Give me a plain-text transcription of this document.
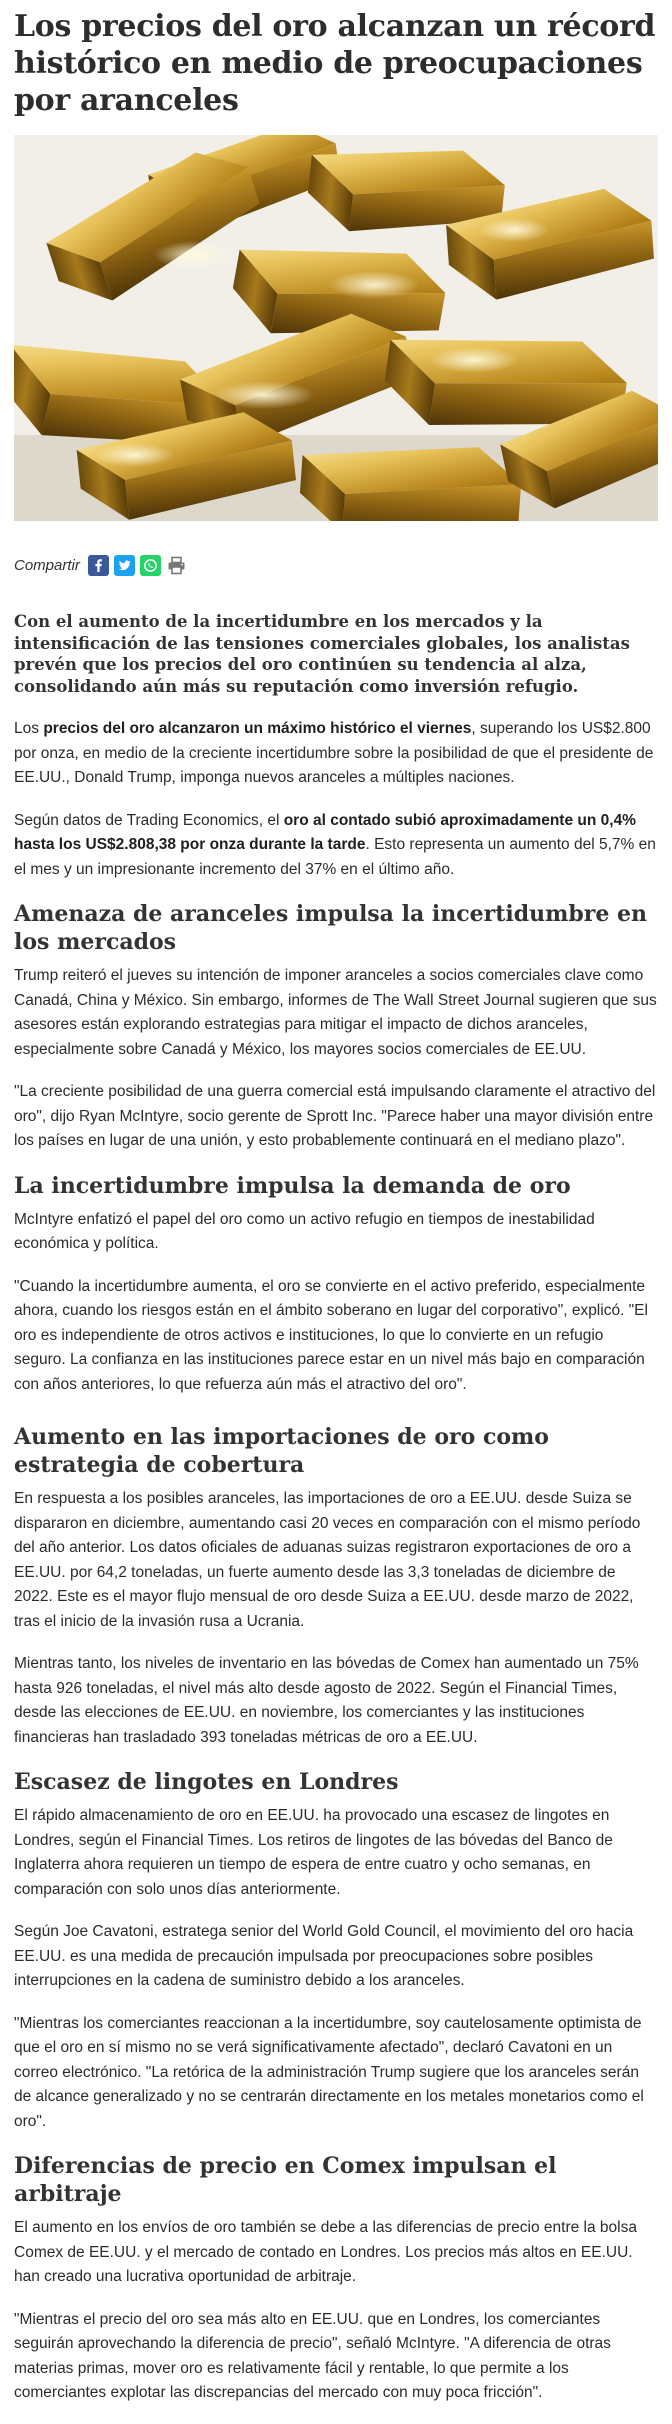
Los precios del oro alcanzan un récord histórico en medio de preocupaciones por aranceles
Compartir

Con el aumento de la incertidumbre en los mercados y la intensificación de las tensiones comerciales globales, los analistas prevén que los precios del oro continúen su tendencia al alza, consolidando aún más su reputación como inversión refugio.

Los precios del oro alcanzaron un máximo histórico el viernes, superando los US$2.800 por onza, en medio de la creciente incertidumbre sobre la posibilidad de que el presidente de EE.UU., Donald Trump, imponga nuevos aranceles a múltiples naciones.

Según datos de Trading Economics, el oro al contado subió aproximadamente un 0,4% hasta los US$2.808,38 por onza durante la tarde. Esto representa un aumento del 5,7% en el mes y un impresionante incremento del 37% en el último año.

Amenaza de aranceles impulsa la incertidumbre en los mercados

Trump reiteró el jueves su intención de imponer aranceles a socios comerciales clave como Canadá, China y México. Sin embargo, informes de The Wall Street Journal sugieren que sus asesores están explorando estrategias para mitigar el impacto de dichos aranceles, especialmente sobre Canadá y México, los mayores socios comerciales de EE.UU.

"La creciente posibilidad de una guerra comercial está impulsando claramente el atractivo del oro", dijo Ryan McIntyre, socio gerente de Sprott Inc. "Parece haber una mayor división entre los países en lugar de una unión, y esto probablemente continuará en el mediano plazo".

La incertidumbre impulsa la demanda de oro

McIntyre enfatizó el papel del oro como un activo refugio en tiempos de inestabilidad económica y política.

"Cuando la incertidumbre aumenta, el oro se convierte en el activo preferido, especialmente ahora, cuando los riesgos están en el ámbito soberano en lugar del corporativo", explicó. "El oro es independiente de otros activos e instituciones, lo que lo convierte en un refugio seguro. La confianza en las instituciones parece estar en un nivel más bajo en comparación con años anteriores, lo que refuerza aún más el atractivo del oro".

Aumento en las importaciones de oro como estrategia de cobertura

En respuesta a los posibles aranceles, las importaciones de oro a EE.UU. desde Suiza se dispararon en diciembre, aumentando casi 20 veces en comparación con el mismo período del año anterior. Los datos oficiales de aduanas suizas registraron exportaciones de oro a EE.UU. por 64,2 toneladas, un fuerte aumento desde las 3,3 toneladas de diciembre de 2022. Este es el mayor flujo mensual de oro desde Suiza a EE.UU. desde marzo de 2022, tras el inicio de la invasión rusa a Ucrania.

Mientras tanto, los niveles de inventario en las bóvedas de Comex han aumentado un 75% hasta 926 toneladas, el nivel más alto desde agosto de 2022. Según el Financial Times, desde las elecciones de EE.UU. en noviembre, los comerciantes y las instituciones financieras han trasladado 393 toneladas métricas de oro a EE.UU.

Escasez de lingotes en Londres

El rápido almacenamiento de oro en EE.UU. ha provocado una escasez de lingotes en Londres, según el Financial Times. Los retiros de lingotes de las bóvedas del Banco de Inglaterra ahora requieren un tiempo de espera de entre cuatro y ocho semanas, en comparación con solo unos días anteriormente.

Según Joe Cavatoni, estratega senior del World Gold Council, el movimiento del oro hacia EE.UU. es una medida de precaución impulsada por preocupaciones sobre posibles interrupciones en la cadena de suministro debido a los aranceles.

"Mientras los comerciantes reaccionan a la incertidumbre, soy cautelosamente optimista de que el oro en sí mismo no se verá significativamente afectado", declaró Cavatoni en un correo electrónico. "La retórica de la administración Trump sugiere que los aranceles serán de alcance generalizado y no se centrarán directamente en los metales monetarios como el oro".

Diferencias de precio en Comex impulsan el arbitraje

El aumento en los envíos de oro también se debe a las diferencias de precio entre la bolsa Comex de EE.UU. y el mercado de contado en Londres. Los precios más altos en EE.UU. han creado una lucrativa oportunidad de arbitraje.

"Mientras el precio del oro sea más alto en EE.UU. que en Londres, los comerciantes seguirán aprovechando la diferencia de precio", señaló McIntyre. "A diferencia de otras materias primas, mover oro es relativamente fácil y rentable, lo que permite a los comerciantes explotar las discrepancias del mercado con muy poca fricción".
